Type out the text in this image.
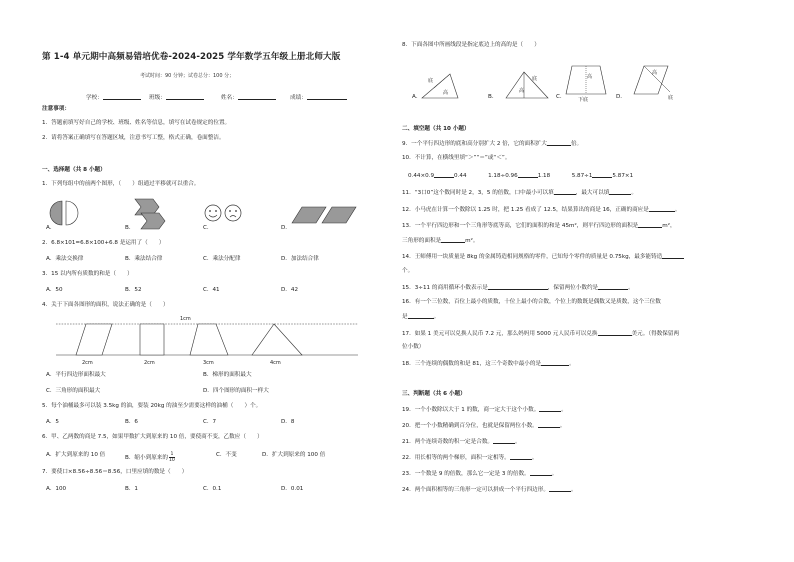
第 1-4 单元期中高频易错培优卷-2024-2025 学年数学五年级上册北师大版
考试时间：90 分钟；试卷总分：100 分；
学校：	班级：	姓名：	成绩：
注意事项：
1．答题前填写好自己的学校、班级、姓名等信息，填写在试卷规定的位置。
2．请将答案正确填写在答题区域，注意书写工整，格式正确，卷面整洁。
一、选择题（共 8 小题）
1．下列每组中的前两个图形，（　　）组通过平移就可以重合。
A．	B．	C．	D．
2．6.8×101=6.8×100+6.8 是运用了（　　）
A．乘法交换律	B．乘法结合律	C．乘法分配律	D．加法结合律
3．15 以内所有质数的和是（　　）
A．50	B．52	C．41	D．42
4．关于下面各图形的面积，说法正确的是（　　）
1cm
2cm	2cm	3cm	4cm
A．平行四边形面积最大	B．梯形的面积最大
C．三角形的面积最大	D．四个图形的面积一样大
5．每个油桶最多可以装 3.5kg 的油，要装 20kg 的油至少需要这样的油桶（　　）个。
A．5	B．6	C．7	D．8
6．甲、乙两数的商是 7.5，如果甲数扩大到原来的 10 倍，要使商不变，乙数应（　　）
A．扩大到原来的 10 倍	B．缩小到原来的 $\frac{1}{10}$	C．不变	D．扩大到原来的 100 倍
7．要使口×8.56÷8.56＝8.56，口里应填的数是（　　）
A．100	B．1	C．0.1	D．0.01
8．下面各图中所画线段是指定底边上的高的是（　　）
底
高
底
高
高
下底
高
底
A．	B．	C．	D．
二、填空题（共 10 小题）
9．一个平行四边形的底和高分别扩大 2 倍，它的面积扩大	倍。
10．不计算，在横线里填“＞”“＝”或“＜”。
0.44×0.9	0.44	1.18÷0.96	1.18	5.87÷1	5.87×1
11．“3口0”这个数同时是 2，3，5 的倍数，口中最小可以填	，最大可以填	。
12．小马虎在计算一个数除以 1.25 时，把 1.25 看成了 12.5，结果算出的商是 16，正确的商应是	。
13．一个平行四边形和一个三角形等底等高，它们的面积的和是 45m²，则平行四边形的面积是	m²，
三角形的面积是	m²。
14．王师傅用一块质量是 8kg 的金属铸造相同规格的零件，已知每个零件的质量是 0.75kg，最多能铸造
个。
15．3÷11 的商用循环小数表示是	，保留两位小数约是	。
16．有一个三位数，百位上最小的质数，十位上最小的合数，个位上的数既是偶数又是质数，这个三位数
是	。
17．如果 1 美元可以兑换人民币 7.2 元，那么妈妈用 5000 元人民币可以兑换	美元。（得数保留两
位小数）
18．三个连续的偶数的和是 81，这三个奇数中最小的是	。
三、判断题（共 6 小题）
19．一个小数除以大于 1 的数，商一定大于这个小数。	。
20．把一个小数精确到百分位，也就是保留两位小数。	。
21．两个连续奇数的积一定是合数。	。
22．用长相等的两个梯形，面积一定相等。	。
23．一个数是 9 的倍数，那么它一定是 3 的倍数。	。
24．两个面积相等的三角形一定可以拼成一个平行四边形。	。
